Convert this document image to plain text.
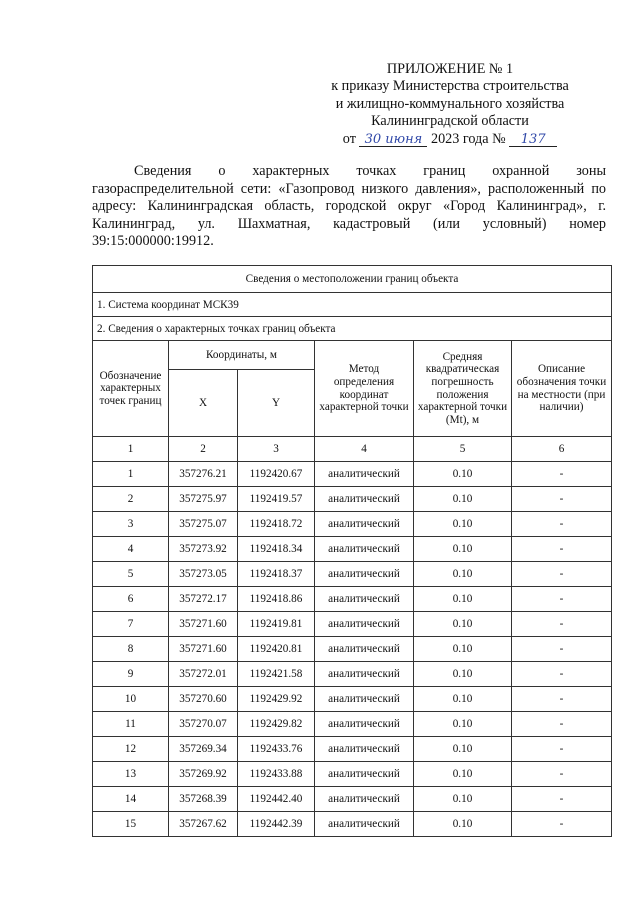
ПРИЛОЖЕНИЕ № 1
к приказу Министерства строительства
и жилищно-коммунального хозяйства
Калининградской области
от 30 июня 2023 года № 137
Сведения о характерных точках границ охранной зоны газораспределительной сети: «Газопровод низкого давления», расположенный по адресу: Калининградская область, городской округ «Город Калининград», г. Калининград, ул. Шахматная, кадастровый (или условный) номер 39:15:000000:19912.
Сведения о местоположении границ объекта					
1. Система координат МСК39					
2. Сведения о характерных точках границ объекта					
Обозначение характерных точек границ	Координаты, м		Метод определения координат характерной точки	Средняя квадратическая погрешность положения характерной точки (Mt), м	Описание обозначения точки на местности (при наличии)
	X	Y			
1	2	3	4	5	6
1	357276.21	1192420.67	аналитический	0.10	-
2	357275.97	1192419.57	аналитический	0.10	-
3	357275.07	1192418.72	аналитический	0.10	-
4	357273.92	1192418.34	аналитический	0.10	-
5	357273.05	1192418.37	аналитический	0.10	-
6	357272.17	1192418.86	аналитический	0.10	-
7	357271.60	1192419.81	аналитический	0.10	-
8	357271.60	1192420.81	аналитический	0.10	-
9	357272.01	1192421.58	аналитический	0.10	-
10	357270.60	1192429.92	аналитический	0.10	-
11	357270.07	1192429.82	аналитический	0.10	-
12	357269.34	1192433.76	аналитический	0.10	-
13	357269.92	1192433.88	аналитический	0.10	-
14	357268.39	1192442.40	аналитический	0.10	-
15	357267.62	1192442.39	аналитический	0.10	-
